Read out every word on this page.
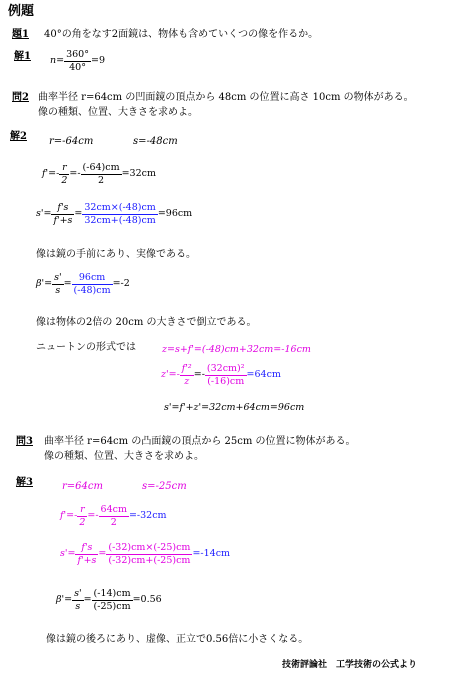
例題
題1 40°の角をなす2面鏡は、物体も含めていくつの像を作るか。
解1 $n= \frac{360^\circ}{40^\circ} =9$
問2 曲率半径 r=64cm の凹面鏡の頂点から 48cm の位置に高さ 10cm の物体がある。
像の種類、位置、大きさを求めよ。
解2 r=-64cm	s=-48cm
$f'=- \frac{r}{2} =- \frac{(-64)cm}{2} =32cm$
$s'= \frac{f's}{f'+s} = \frac{32cm\times(-48)cm}{32cm+(-48)cm} =96cm$
像は鏡の手前にあり、実像である。
$\beta'= \frac{s'}{s} = \frac{96cm}{(-48)cm} =-2$
像は物体の2倍の 20cm の大きさで倒立である。
ニュートンの形式では	z=s+f'=(-48)cm+32cm=-16cm
$z'=- \frac{\text{f'²}}{z} =- \frac{\text{(32cm)²}}{(-16)cm} =64cm$
s'=f'+z'=32cm+64cm=96cm
問3 曲率半径 r=64cm の凸面鏡の頂点から 25cm の位置に物体がある。
像の種類、位置、大きさを求めよ。
解3	r=64cm	s=-25cm
$f'=- \frac{r}{2} =- \frac{64cm}{2} =-32cm$
$s'= \frac{f's}{f'+s} = \frac{(-32)cm\times(-25)cm}{(-32)cm+(-25)cm} =-14cm$
$\beta'= \frac{s'}{s} = \frac{(-14)cm}{(-25)cm} =0.56$
像は鏡の後ろにあり、虚像、正立で0.56倍に小さくなる。
技術評論社　工学技術の公式より
